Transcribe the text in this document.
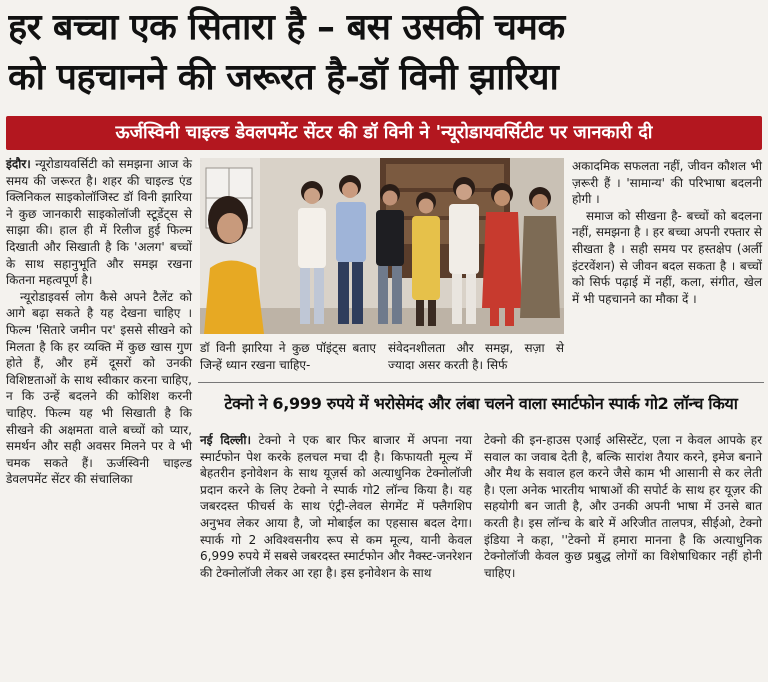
हर बच्चा एक सितारा है – बस उसकी चमक
को पहचानने की जरूरत है-डॉ विनी झारिया
ऊर्जस्विनी चाइल्ड डेवलपमेंट सेंटर की डॉ विनी ने 'न्यूरोडायवर्सिटीट पर जानकारी दी

इंदौर। न्यूरोडायवर्सिटी को समझना आज के समय की जरूरत है। शहर की चाइल्ड एंड क्लिनिकल साइकोलॉजिस्ट डॉ विनी झारिया ने कुछ जानकारी साइकोलॉजी स्टूडेंट्स से साझा की। हाल ही में रिलीज हुई फिल्म दिखाती और सिखाती है कि 'अलग' बच्चों के साथ सहानुभूति और समझ रखना कितना महत्वपूर्ण है।

न्यूरोडाइवर्स लोग कैसे अपने टैलेंट को आगे बढ़ा सकते है यह देखना चाहिए । फिल्म 'सितारे जमीन पर' इससे सीखने को मिलता है कि हर व्यक्ति में कुछ खास गुण होते हैं, और हमें दूसरों को उनकी विशिष्टताओं के साथ स्वीकार करना चाहिए, न कि उन्हें बदलने की कोशिश करनी चाहिए. फिल्म यह भी सिखाती है कि सीखने की अक्षमता वाले बच्चों को प्यार, समर्थन और सही अवसर मिलने पर वे भी चमक सकते हैं। ऊर्जस्विनी चाइल्ड डेवलपमेंट सेंटर की संचालिका

डॉ विनी झारिया ने कुछ पॉइंट्स बताए जिन्हें ध्यान रखना चाहिए-

संवेदनशीलता और समझ, सज़ा से ज्यादा असर करती है। सिर्फ

अकादमिक सफलता नहीं, जीवन कौशल भी ज़रूरी हैं । 'सामान्य' की परिभाषा बदलनी होगी ।

समाज को सीखना है- बच्चों को बदलना नहीं, समझना है । हर बच्चा अपनी रफ्तार से सीखता है । सही समय पर हस्तक्षेप (अर्ली इंटरवेंशन) से जीवन बदल सकता है । बच्चों को सिर्फ पढ़ाई में नहीं, कला, संगीत, खेल में भी पहचानने का मौका दें ।

टेक्नो ने 6,999 रुपये में भरोसेमंद और लंबा चलने वाला स्मार्टफोन स्पार्क गो2 लॉन्च किया

नई दिल्ली। टेक्नो ने एक बार फिर बाजार में अपना नया स्मार्टफोन पेश करके हलचल मचा दी है। किफायती मूल्य में बेहतरीन इनोवेशन के साथ यूज़र्स को अत्याधुनिक टेक्नोलॉजी प्रदान करने के लिए टेक्नो ने स्पार्क गो2 लॉन्च किया है। यह जबरदस्त फीचर्स के साथ एंट्री-लेवल सेगमेंट में फ्लैगशिप अनुभव लेकर आया है, जो मोबाईल का एहसास बदल देगा। स्पार्क गो 2 अविश्वसनीय रूप से कम मूल्य, यानी केवल 6,999 रुपये में सबसे जबरदस्त स्मार्टफोन और नैक्स्ट-जनरेशन की टेक्नोलॉजी लेकर आ रहा है। इस इनोवेशन के साथ

टेक्नो की इन-हाउस एआई असिस्टेंट, एला न केवल आपके हर सवाल का जवाब देती है, बल्कि सारांश तैयार करने, इमेज बनाने और मैथ के सवाल हल करने जैसे काम भी आसानी से कर लेती है। एला अनेक भारतीय भाषाओं की सपोर्ट के साथ हर यूज़र की सहयोगी बन जाती है, और उनकी अपनी भाषा में उनसे बात करती है। इस लॉन्च के बारे में अरिजीत तालपत्र, सीईओ, टेक्नो इंडिया ने कहा, ''टेक्नो में हमारा मानना है कि अत्याधुनिक टेक्नोलॉजी केवल कुछ प्रबुद्ध लोगों का विशेषाधिकार नहीं होनी चाहिए।
